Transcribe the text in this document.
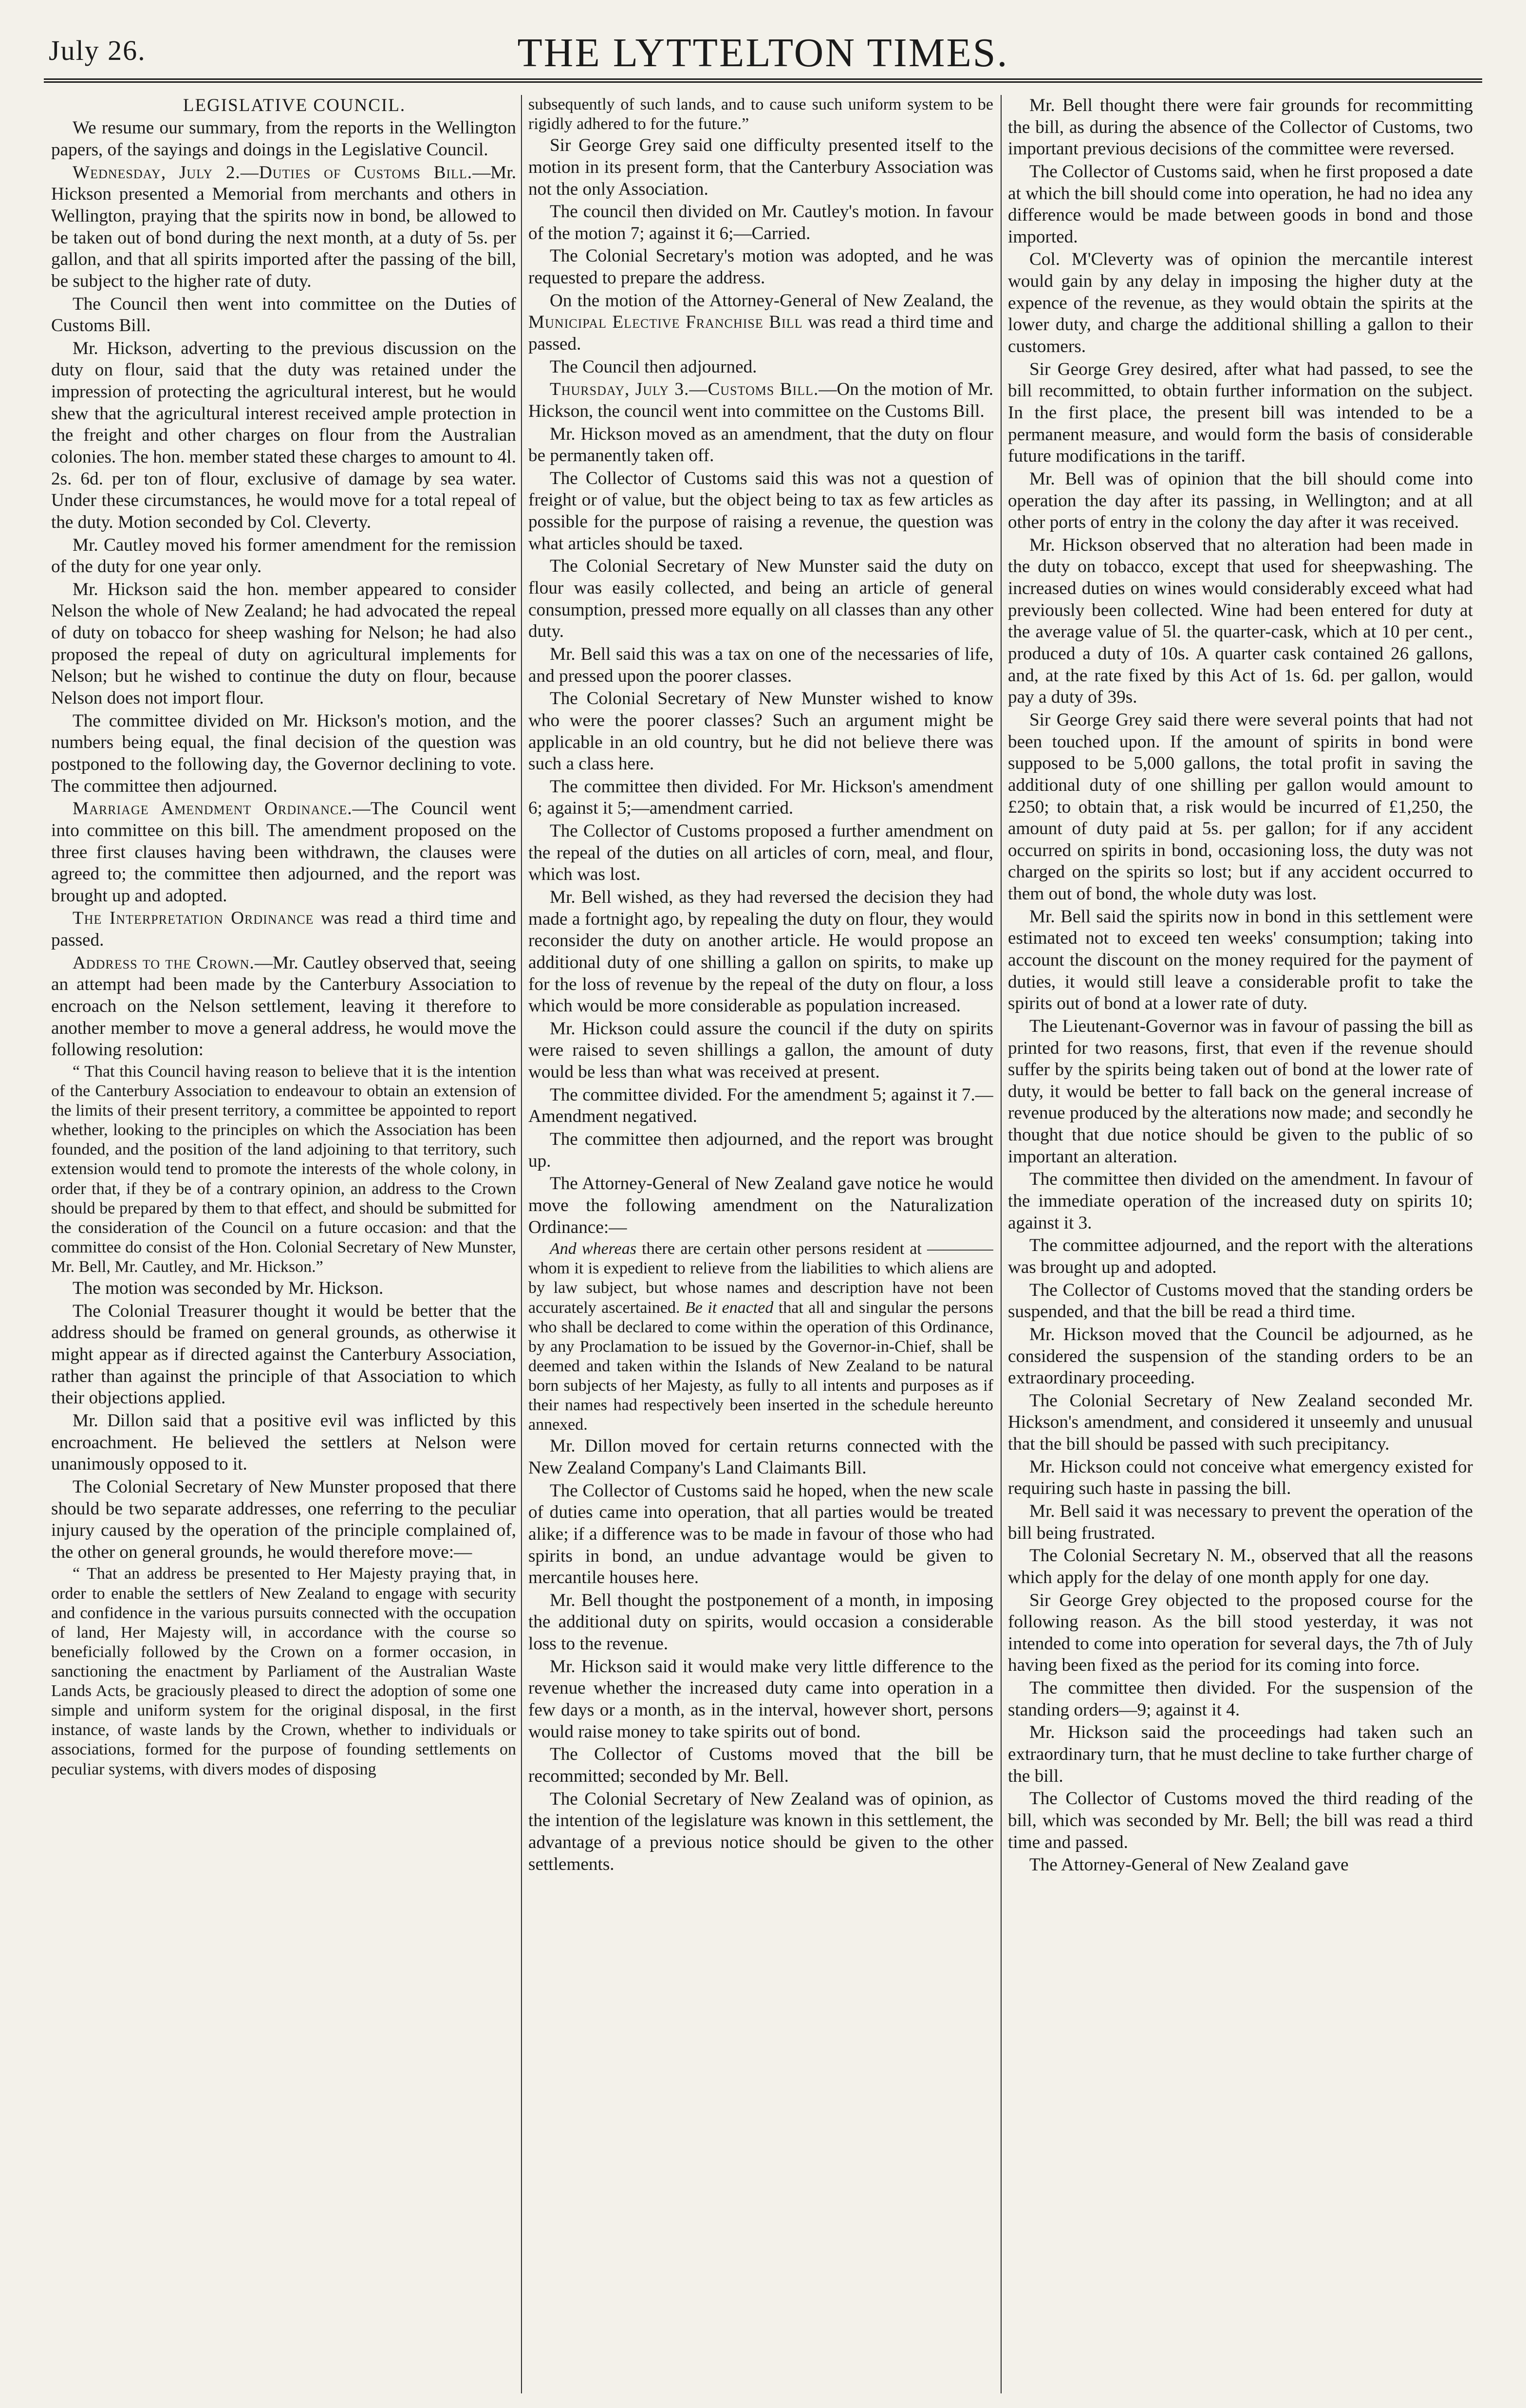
July 26.	THE LYTTELTON TIMES.

LEGISLATIVE COUNCIL.

We resume our summary, from the reports in the Wellington papers, of the sayings and doings in the Legislative Council.

Wednesday, July 2.—Duties of Customs Bill.—Mr. Hickson presented a Memorial from merchants and others in Wellington, praying that the spirits now in bond, be allowed to be taken out of bond during the next month, at a duty of 5s. per gallon, and that all spirits imported after the passing of the bill, be subject to the higher rate of duty.

The Council then went into committee on the Duties of Customs Bill.

Mr. Hickson, adverting to the previous discussion on the duty on flour, said that the duty was retained under the impression of protecting the agricultural interest, but he would shew that the agricultural interest received ample protection in the freight and other charges on flour from the Australian colonies. The hon. member stated these charges to amount to 4l. 2s. 6d. per ton of flour, exclusive of damage by sea water. Under these circumstances, he would move for a total repeal of the duty. Motion seconded by Col. Cleverty.

Mr. Cautley moved his former amendment for the remission of the duty for one year only.

Mr. Hickson said the hon. member appeared to consider Nelson the whole of New Zealand; he had advocated the repeal of duty on tobacco for sheep washing for Nelson; he had also proposed the repeal of duty on agricultural implements for Nelson; but he wished to continue the duty on flour, because Nelson does not import flour.

The committee divided on Mr. Hickson's motion, and the numbers being equal, the final decision of the question was postponed to the following day, the Governor declining to vote. The committee then adjourned.

Marriage Amendment Ordinance.—The Council went into committee on this bill. The amendment proposed on the three first clauses having been withdrawn, the clauses were agreed to; the committee then adjourned, and the report was brought up and adopted.

The Interpretation Ordinance was read a third time and passed.

Address to the Crown.—Mr. Cautley observed that, seeing an attempt had been made by the Canterbury Association to encroach on the Nelson settlement, leaving it therefore to another member to move a general address, he would move the following resolution:

“ That this Council having reason to believe that it is the intention of the Canterbury Association to endeavour to obtain an extension of the limits of their present territory, a committee be appointed to report whether, looking to the principles on which the Association has been founded, and the position of the land adjoining to that territory, such extension would tend to promote the interests of the whole colony, in order that, if they be of a contrary opinion, an address to the Crown should be prepared by them to that effect, and should be submitted for the consideration of the Council on a future occasion: and that the committee do consist of the Hon. Colonial Secretary of New Munster, Mr. Bell, Mr. Cautley, and Mr. Hickson.”

The motion was seconded by Mr. Hickson.

The Colonial Treasurer thought it would be better that the address should be framed on general grounds, as otherwise it might appear as if directed against the Canterbury Association, rather than against the principle of that Association to which their objections applied.

Mr. Dillon said that a positive evil was inflicted by this encroachment. He believed the settlers at Nelson were unanimously opposed to it.

The Colonial Secretary of New Munster proposed that there should be two separate addresses, one referring to the peculiar injury caused by the operation of the principle complained of, the other on general grounds, he would therefore move:—

“ That an address be presented to Her Majesty praying that, in order to enable the settlers of New Zealand to engage with security and confidence in the various pursuits connected with the occupation of land, Her Majesty will, in accordance with the course so beneficially followed by the Crown on a former occasion, in sanctioning the enactment by Parliament of the Australian Waste Lands Acts, be graciously pleased to direct the adoption of some one simple and uniform system for the original disposal, in the first instance, of waste lands by the Crown, whether to individuals or associations, formed for the purpose of founding settlements on peculiar systems, with divers modes of disposing

subsequently of such lands, and to cause such uniform system to be rigidly adhered to for the future.”

Sir George Grey said one difficulty presented itself to the motion in its present form, that the Canterbury Association was not the only Association.

The council then divided on Mr. Cautley's motion. In favour of the motion 7; against it 6;—Carried.

The Colonial Secretary's motion was adopted, and he was requested to prepare the address.

On the motion of the Attorney-General of New Zealand, the Municipal Elective Franchise Bill was read a third time and passed.

The Council then adjourned.

Thursday, July 3.—Customs Bill.—On the motion of Mr. Hickson, the council went into committee on the Customs Bill.

Mr. Hickson moved as an amendment, that the duty on flour be permanently taken off.

The Collector of Customs said this was not a question of freight or of value, but the object being to tax as few articles as possible for the purpose of raising a revenue, the question was what articles should be taxed.

The Colonial Secretary of New Munster said the duty on flour was easily collected, and being an article of general consumption, pressed more equally on all classes than any other duty.

Mr. Bell said this was a tax on one of the necessaries of life, and pressed upon the poorer classes.

The Colonial Secretary of New Munster wished to know who were the poorer classes? Such an argument might be applicable in an old country, but he did not believe there was such a class here.

The committee then divided. For Mr. Hickson's amendment 6; against it 5;—amendment carried.

The Collector of Customs proposed a further amendment on the repeal of the duties on all articles of corn, meal, and flour, which was lost.

Mr. Bell wished, as they had reversed the decision they had made a fortnight ago, by repealing the duty on flour, they would reconsider the duty on another article. He would propose an additional duty of one shilling a gallon on spirits, to make up for the loss of revenue by the repeal of the duty on flour, a loss which would be more considerable as population increased.

Mr. Hickson could assure the council if the duty on spirits were raised to seven shillings a gallon, the amount of duty would be less than what was received at present.

The committee divided. For the amendment 5; against it 7.—Amendment negatived.

The committee then adjourned, and the report was brought up.

The Attorney-General of New Zealand gave notice he would move the following amendment on the Naturalization Ordinance:—

And whereas there are certain other persons resident at ———— whom it is expedient to relieve from the liabilities to which aliens are by law subject, but whose names and description have not been accurately ascertained. Be it enacted that all and singular the persons who shall be declared to come within the operation of this Ordinance, by any Proclamation to be issued by the Governor-in-Chief, shall be deemed and taken within the Islands of New Zealand to be natural born subjects of her Majesty, as fully to all intents and purposes as if their names had respectively been inserted in the schedule hereunto annexed.

Mr. Dillon moved for certain returns connected with the New Zealand Company's Land Claimants Bill.

The Collector of Customs said he hoped, when the new scale of duties came into operation, that all parties would be treated alike; if a difference was to be made in favour of those who had spirits in bond, an undue advantage would be given to mercantile houses here.

Mr. Bell thought the postponement of a month, in imposing the additional duty on spirits, would occasion a considerable loss to the revenue.

Mr. Hickson said it would make very little difference to the revenue whether the increased duty came into operation in a few days or a month, as in the interval, however short, persons would raise money to take spirits out of bond.

The Collector of Customs moved that the bill be recommitted; seconded by Mr. Bell.

The Colonial Secretary of New Zealand was of opinion, as the intention of the legislature was known in this settlement, the advantage of a previous notice should be given to the other settlements.

Mr. Bell thought there were fair grounds for recommitting the bill, as during the absence of the Collector of Customs, two important previous decisions of the committee were reversed.

The Collector of Customs said, when he first proposed a date at which the bill should come into operation, he had no idea any difference would be made between goods in bond and those imported.

Col. M'Cleverty was of opinion the mercantile interest would gain by any delay in imposing the higher duty at the expence of the revenue, as they would obtain the spirits at the lower duty, and charge the additional shilling a gallon to their customers.

Sir George Grey desired, after what had passed, to see the bill recommitted, to obtain further information on the subject. In the first place, the present bill was intended to be a permanent measure, and would form the basis of considerable future modifications in the tariff.

Mr. Bell was of opinion that the bill should come into operation the day after its passing, in Wellington; and at all other ports of entry in the colony the day after it was received.

Mr. Hickson observed that no alteration had been made in the duty on tobacco, except that used for sheepwashing. The increased duties on wines would considerably exceed what had previously been collected. Wine had been entered for duty at the average value of 5l. the quarter-cask, which at 10 per cent., produced a duty of 10s. A quarter cask contained 26 gallons, and, at the rate fixed by this Act of 1s. 6d. per gallon, would pay a duty of 39s.

Sir George Grey said there were several points that had not been touched upon. If the amount of spirits in bond were supposed to be 5,000 gallons, the total profit in saving the additional duty of one shilling per gallon would amount to £250; to obtain that, a risk would be incurred of £1,250, the amount of duty paid at 5s. per gallon; for if any accident occurred on spirits in bond, occasioning loss, the duty was not charged on the spirits so lost; but if any accident occurred to them out of bond, the whole duty was lost.

Mr. Bell said the spirits now in bond in this settlement were estimated not to exceed ten weeks' consumption; taking into account the discount on the money required for the payment of duties, it would still leave a considerable profit to take the spirits out of bond at a lower rate of duty.

The Lieutenant-Governor was in favour of passing the bill as printed for two reasons, first, that even if the revenue should suffer by the spirits being taken out of bond at the lower rate of duty, it would be better to fall back on the general increase of revenue produced by the alterations now made; and secondly he thought that due notice should be given to the public of so important an alteration.

The committee then divided on the amendment. In favour of the immediate operation of the increased duty on spirits 10; against it 3.

The committee adjourned, and the report with the alterations was brought up and adopted.

The Collector of Customs moved that the standing orders be suspended, and that the bill be read a third time.

Mr. Hickson moved that the Council be adjourned, as he considered the suspension of the standing orders to be an extraordinary proceeding.

The Colonial Secretary of New Zealand seconded Mr. Hickson's amendment, and considered it unseemly and unusual that the bill should be passed with such precipitancy.

Mr. Hickson could not conceive what emergency existed for requiring such haste in passing the bill.

Mr. Bell said it was necessary to prevent the operation of the bill being frustrated.

The Colonial Secretary N. M., observed that all the reasons which apply for the delay of one month apply for one day.

Sir George Grey objected to the proposed course for the following reason. As the bill stood yesterday, it was not intended to come into operation for several days, the 7th of July having been fixed as the period for its coming into force.

The committee then divided. For the suspension of the standing orders—9; against it 4.

Mr. Hickson said the proceedings had taken such an extraordinary turn, that he must decline to take further charge of the bill.

The Collector of Customs moved the third reading of the bill, which was seconded by Mr. Bell; the bill was read a third time and passed.

The Attorney-General of New Zealand gave
